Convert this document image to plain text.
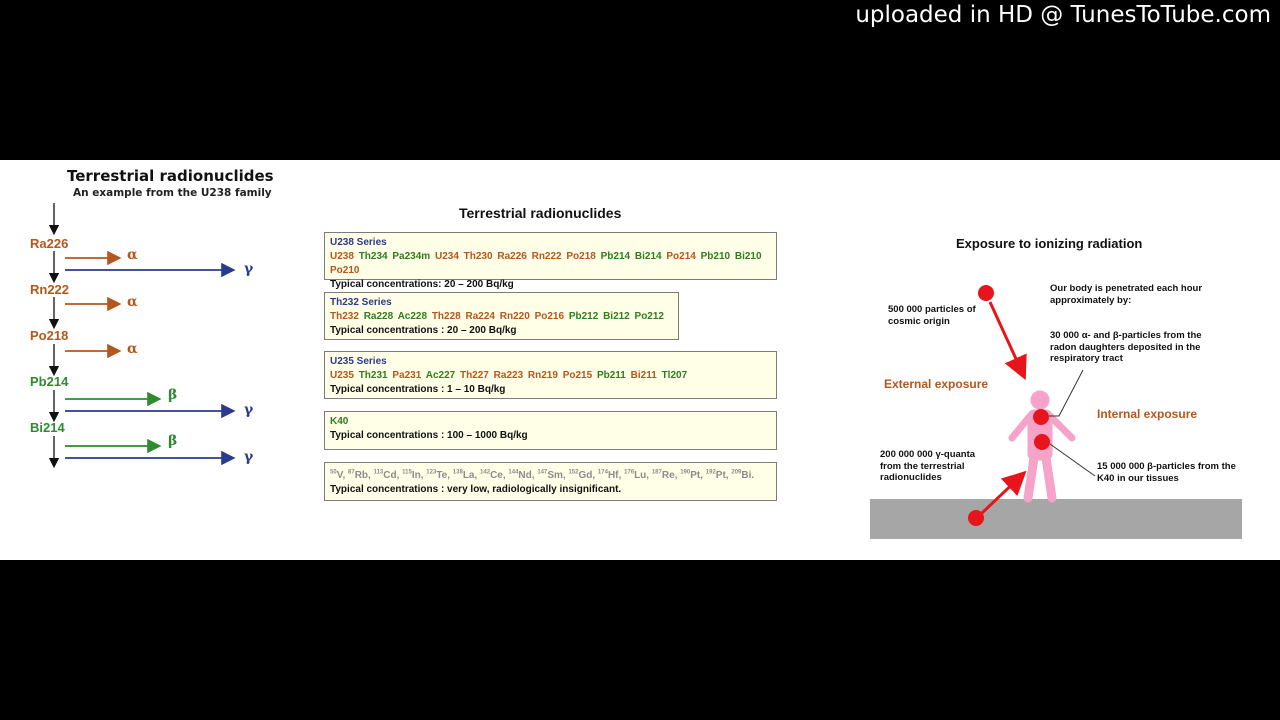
uploaded in HD @ TunesToTube.com
Terrestrial radionuclides
An example from the U238 family
Ra226
Rn222
Po218
Pb214
Bi214
α
γ
α
α
β
γ
β
γ
Terrestrial radionuclides
U238 Series
U238 Th234 Pa234m U234 Th230 Ra226 Rn222 Po218 Pb214 Bi214 Po214 Pb210 Bi210 Po210
Typical concentrations: 20 – 200 Bq/kg
Th232 Series
Th232 Ra228 Ac228 Th228 Ra224 Rn220 Po216 Pb212 Bi212 Po212
Typical concentrations : 20 – 200 Bq/kg
U235 Series
U235 Th231 Pa231 Ac227 Th227 Ra223 Rn219 Po215 Pb211 Bi211 Tl207
Typical concentrations : 1 – 10 Bq/kg
K40
Typical concentrations : 100 – 1000 Bq/kg
$^{50}$V, $^{87}$Rb, $^{113}$Cd, $^{115}$In, $^{123}$Te, $^{138}$La, $^{142}$Ce, $^{144}$Nd, $^{147}$Sm, $^{152}$Gd, $^{174}$Hf, $^{176}$Lu, $^{187}$Re, $^{190}$Pt, $^{192}$Pt, $^{209}$Bi.
Typical concentrations : very low, radiologically insignificant.
Exposure to ionizing radiation
500 000 particles of cosmic origin
Our body is penetrated each hour approximately by:
30 000 α- and β-particles from the radon daughters deposited in the respiratory tract
External exposure
Internal exposure
200 000 000 γ-quanta from the terrestrial radionuclides
15 000 000 β-particles from the K40 in our tissues
